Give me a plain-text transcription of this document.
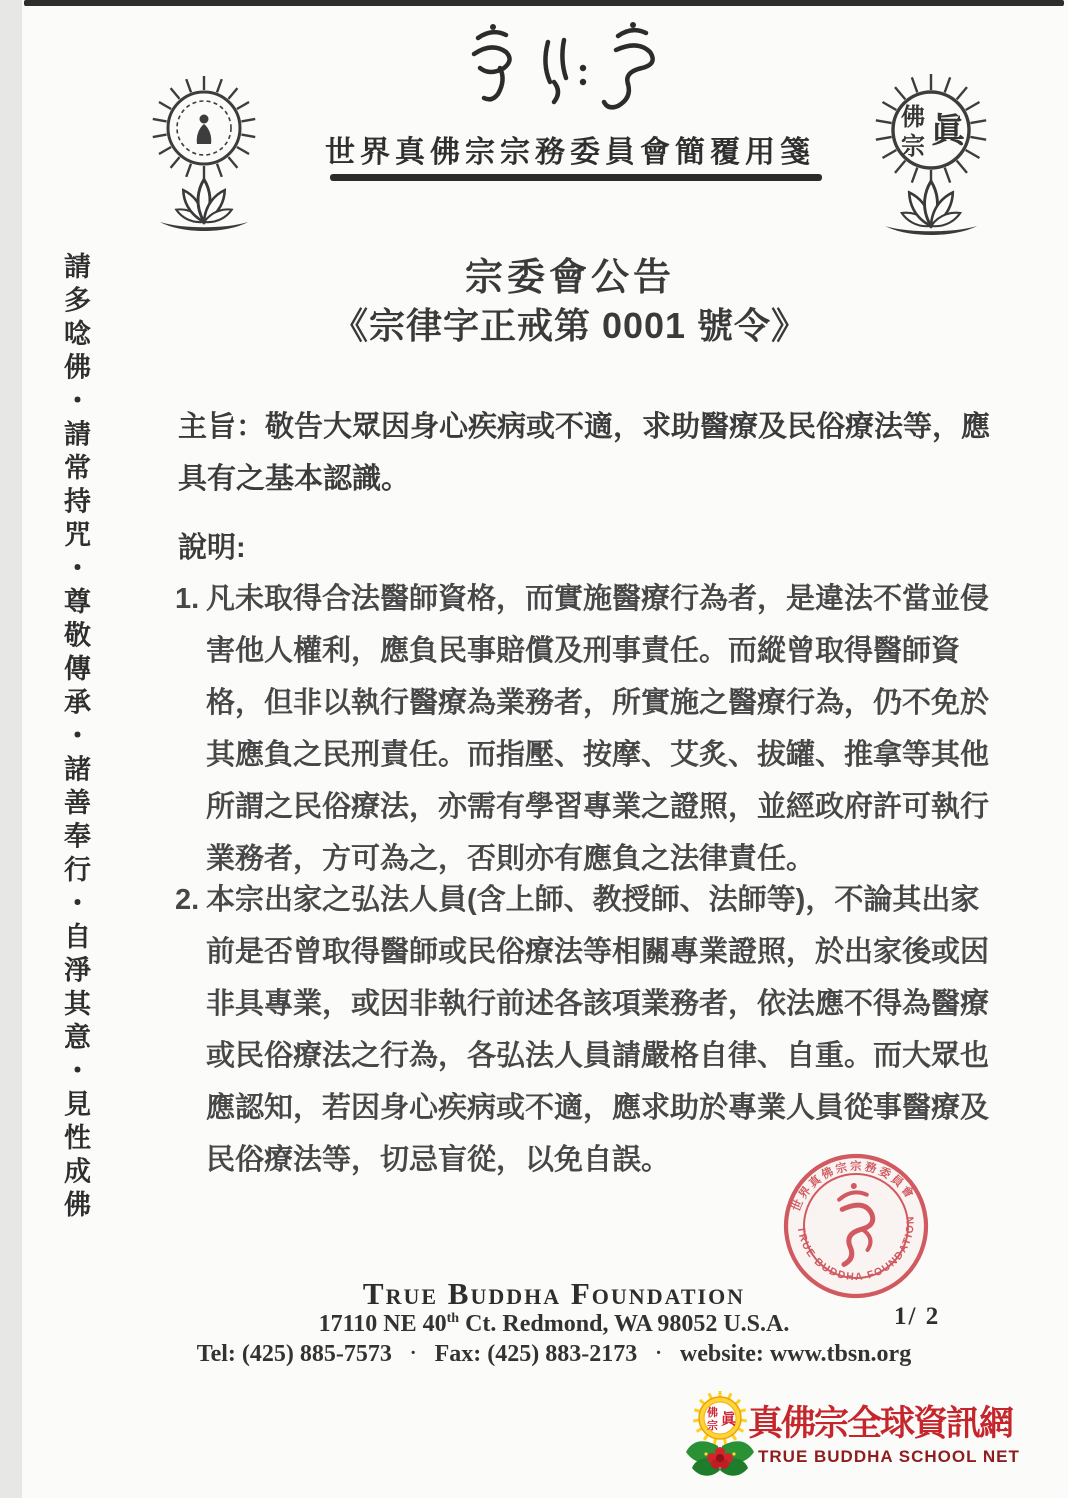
佛 眞
宗
世界真佛宗宗務委員會簡覆用箋
宗委會公告
《宗律字正戒第 0001 號令》
請多唸佛・請常持咒・尊敬傳承・諸善奉行・自淨其意・見性成佛	主旨：敬告大眾因身心疾病或不適，求助醫療及民俗療法等，應
具有之基本認識。
說明:
1. 凡未取得合法醫師資格，而實施醫療行為者，是違法不當並侵
害他人權利，應負民事賠償及刑事責任。而縱曾取得醫師資
格，但非以執行醫療為業務者，所實施之醫療行為，仍不免於
其應負之民刑責任。而指壓、按摩、艾炙、拔罐、推拿等其他
所謂之民俗療法，亦需有學習專業之證照，並經政府許可執行
業務者，方可為之，否則亦有應負之法律責任。
2. 本宗出家之弘法人員(含上師、教授師、法師等)，不論其出家
前是否曾取得醫師或民俗療法等相關專業證照，於出家後或因
非具專業，或因非執行前述各該項業務者，依法應不得為醫療
或民俗療法之行為，各弘法人員請嚴格自律、自重。而大眾也
應認知，若因身心疾病或不適，應求助於專業人員從事醫療及
民俗療法等，切忌盲從，以免自誤。
世界真佛宗宗務委員會
TRUE BUDDHA FOUNDATION
True Buddha Foundation
17110 NE 40th Ct. Redmond, WA 98052 U.S.A.
Tel: (425) 885-7573 · Fax: (425) 883-2173 · website: www.tbsn.org
1/ 2
佛 眞
宗 真佛宗全球資訊網
TRUE BUDDHA SCHOOL NET
